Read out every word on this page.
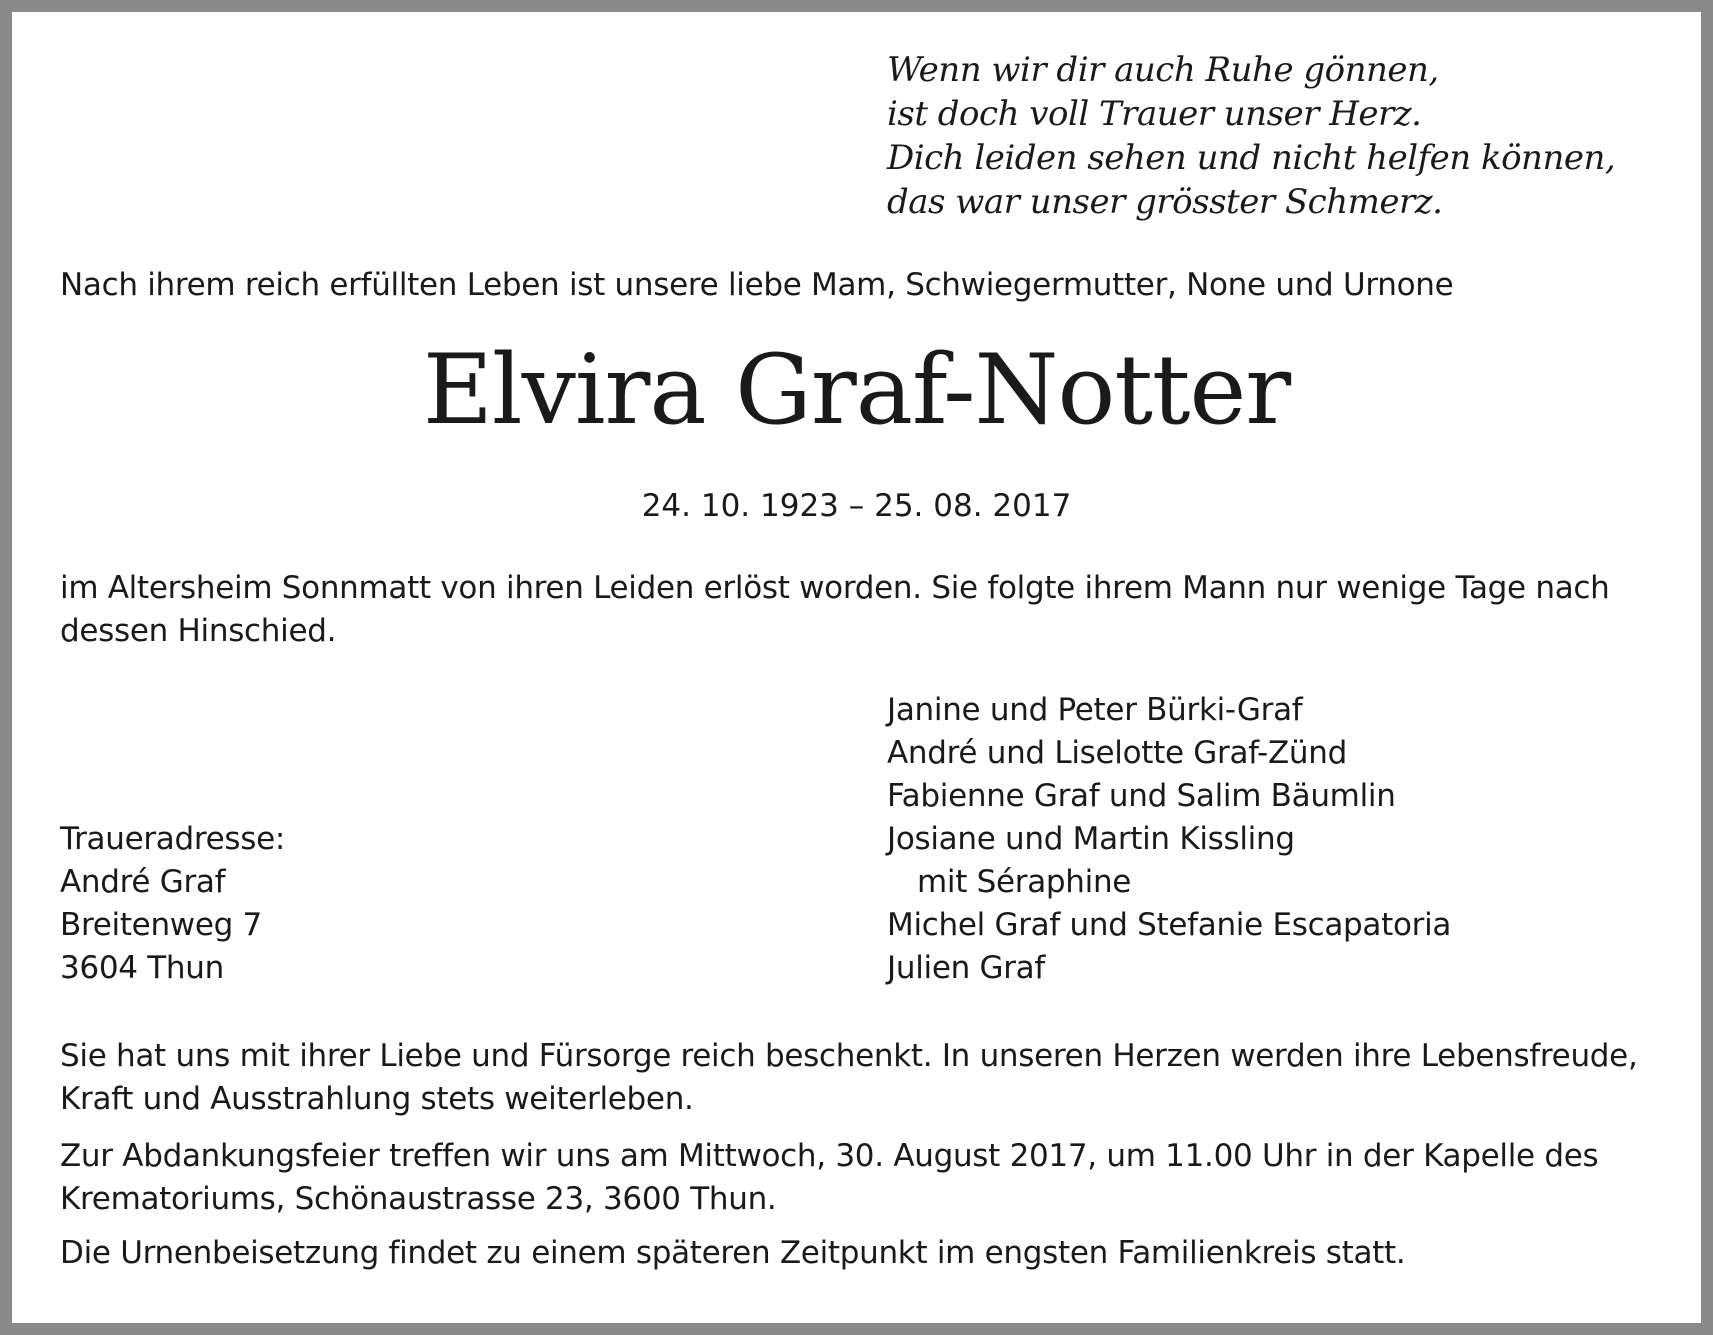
Wenn wir dir auch Ruhe gönnen,
ist doch voll Trauer unser Herz.
Dich leiden sehen und nicht helfen können,
das war unser grösster Schmerz.

Nach ihrem reich erfüllten Leben ist unsere liebe Mam, Schwiegermutter, None und Urnone

Elvira Graf-Notter

24. 10. 1923 – 25. 08. 2017

im Altersheim Sonnmatt von ihren Leiden erlöst worden. Sie folgte ihrem Mann nur wenige Tage nach dessen Hinschied.

Traueradresse:
André Graf
Breitenweg 7
3604 Thun
Janine und Peter Bürki-Graf
André und Liselotte Graf-Zünd
Fabienne Graf und Salim Bäumlin
Josiane und Martin Kissling
mit Séraphine
Michel Graf und Stefanie Escapatoria
Julien Graf

Sie hat uns mit ihrer Liebe und Fürsorge reich beschenkt. In unseren Herzen werden ihre Lebensfreude, Kraft und Ausstrahlung stets weiterleben.

Zur Abdankungsfeier treffen wir uns am Mittwoch, 30. August 2017, um 11.00 Uhr in der Kapelle des Krematoriums, Schönaustrasse 23, 3600 Thun.

Die Urnenbeisetzung findet zu einem späteren Zeitpunkt im engsten Familienkreis statt.
